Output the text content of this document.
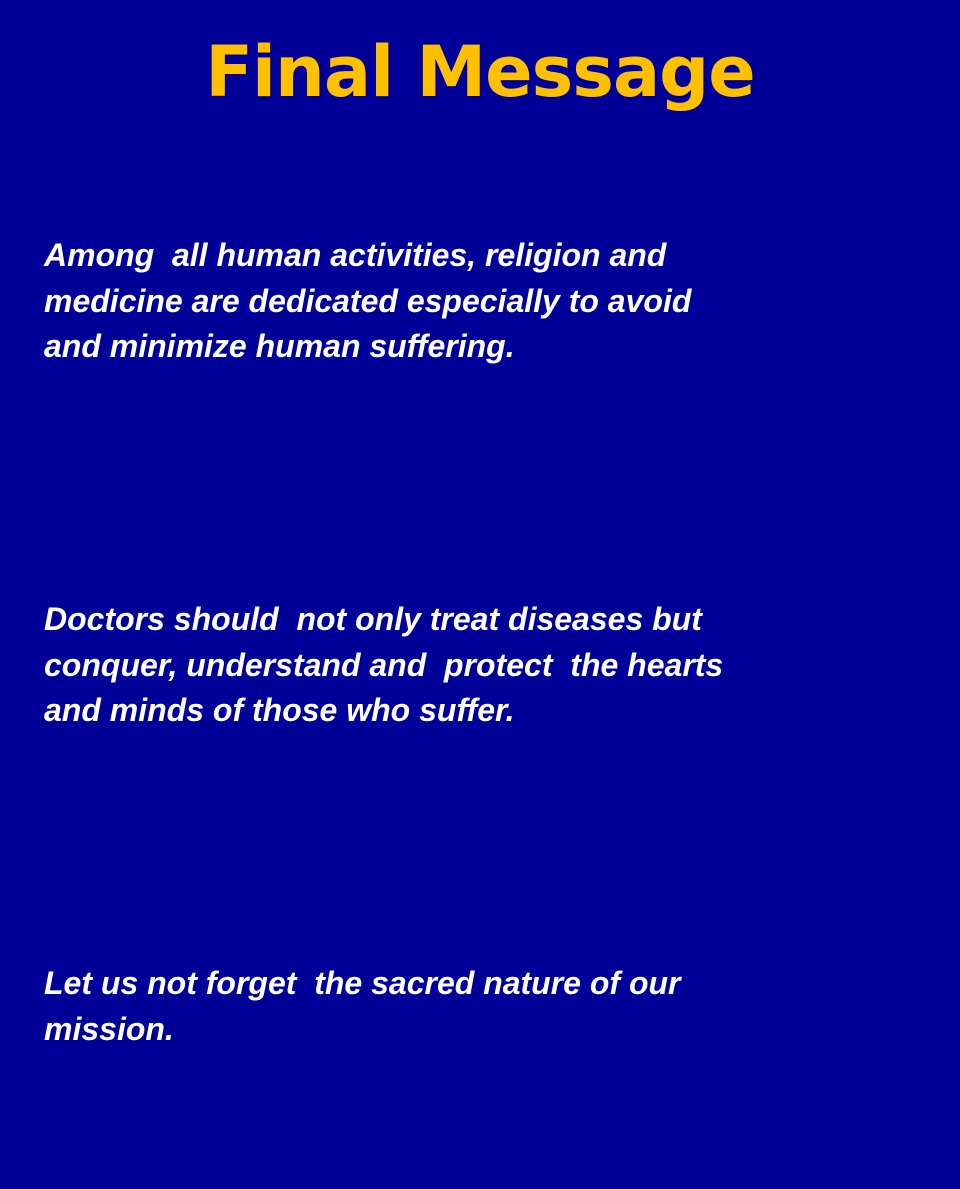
Final Message

Among  all human activities, religion and
medicine are dedicated especially to avoid
and minimize human suffering.

Doctors should  not only treat diseases but
conquer, understand and  protect  the hearts
and minds of those who suffer.

Let us not forget  the sacred nature of our
mission.
